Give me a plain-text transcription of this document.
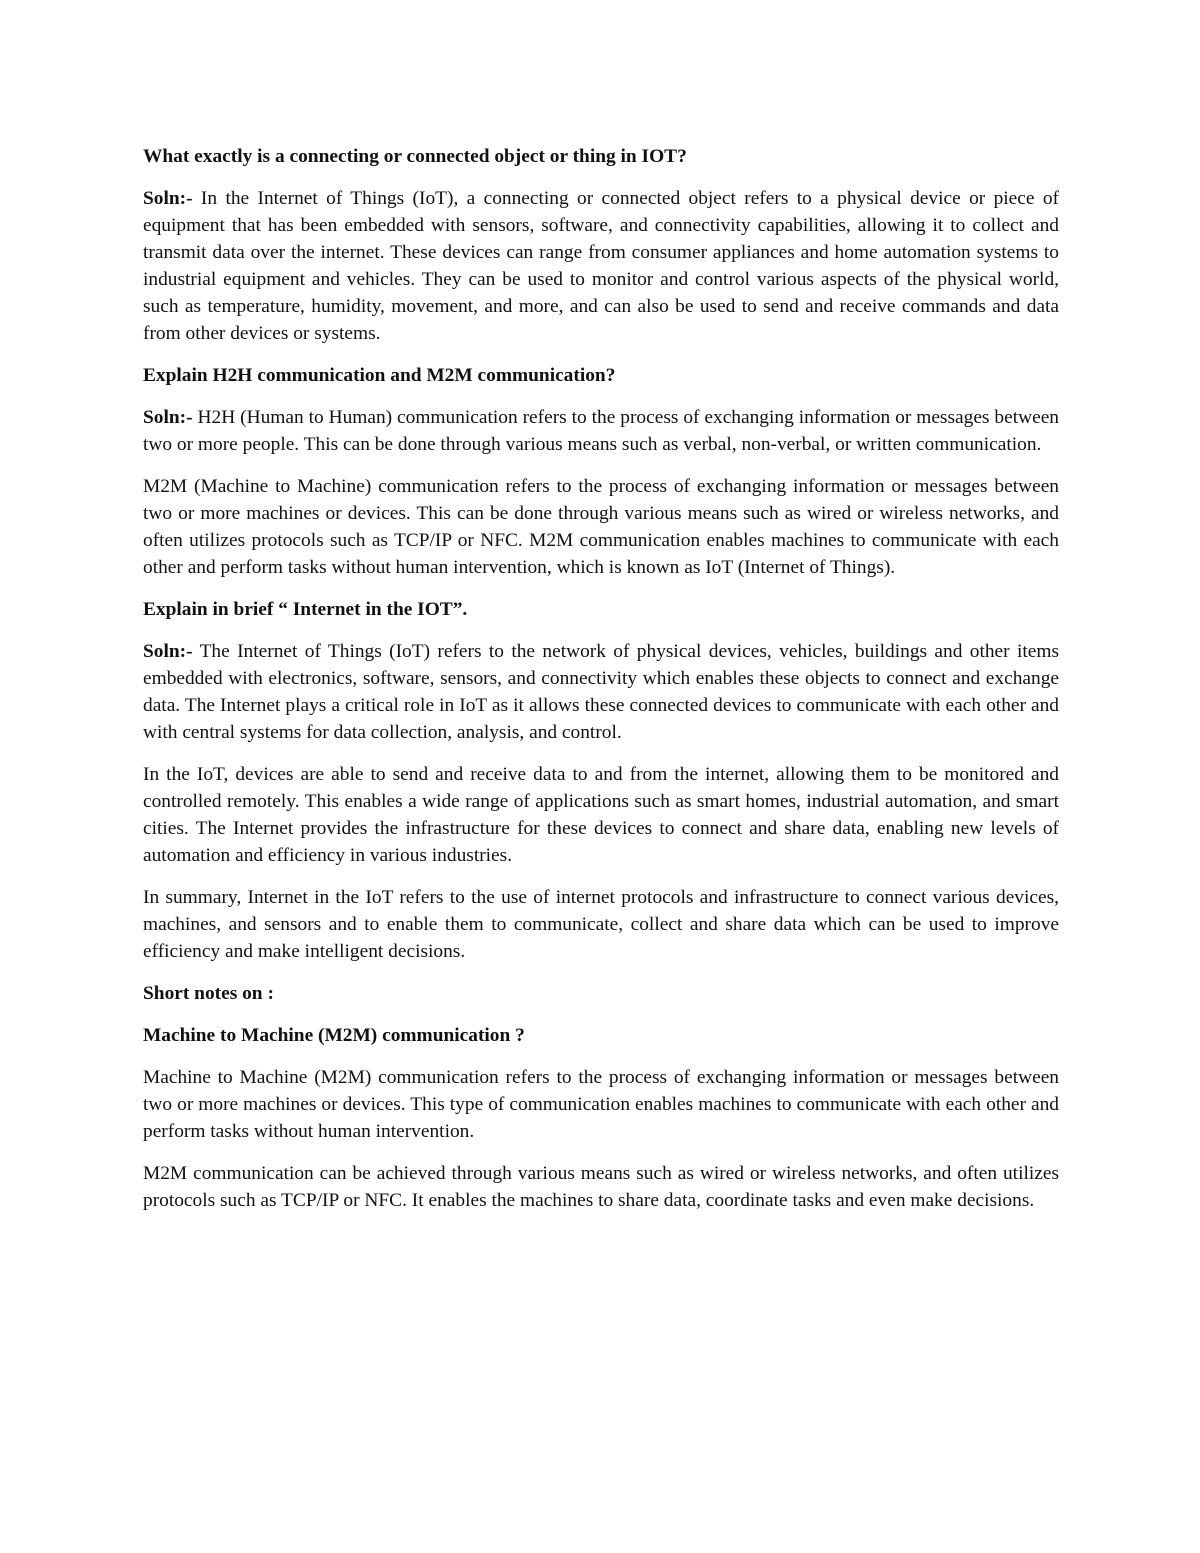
What exactly is a connecting or connected object or thing in IOT?
Soln:- In the Internet of Things (IoT), a connecting or connected object refers to a physical device or piece of equipment that has been embedded with sensors, software, and connectivity capabilities, allowing it to collect and transmit data over the internet. These devices can range from consumer appliances and home automation systems to industrial equipment and vehicles. They can be used to monitor and control various aspects of the physical world, such as temperature, humidity, movement, and more, and can also be used to send and receive commands and data from other devices or systems.
Explain H2H communication and M2M communication?
Soln:- H2H (Human to Human) communication refers to the process of exchanging information or messages between two or more people. This can be done through various means such as verbal, non-verbal, or written communication.
M2M (Machine to Machine) communication refers to the process of exchanging information or messages between two or more machines or devices. This can be done through various means such as wired or wireless networks, and often utilizes protocols such as TCP/IP or NFC. M2M communication enables machines to communicate with each other and perform tasks without human intervention, which is known as IoT (Internet of Things).
Explain in brief “ Internet in the IOT”.
Soln:- The Internet of Things (IoT) refers to the network of physical devices, vehicles, buildings and other items embedded with electronics, software, sensors, and connectivity which enables these objects to connect and exchange data. The Internet plays a critical role in IoT as it allows these connected devices to communicate with each other and with central systems for data collection, analysis, and control.
In the IoT, devices are able to send and receive data to and from the internet, allowing them to be monitored and controlled remotely. This enables a wide range of applications such as smart homes, industrial automation, and smart cities. The Internet provides the infrastructure for these devices to connect and share data, enabling new levels of automation and efficiency in various industries.
In summary, Internet in the IoT refers to the use of internet protocols and infrastructure to connect various devices, machines, and sensors and to enable them to communicate, collect and share data which can be used to improve efficiency and make intelligent decisions.
Short notes on :
Machine to Machine (M2M) communication ?
Machine to Machine (M2M) communication refers to the process of exchanging information or messages between two or more machines or devices. This type of communication enables machines to communicate with each other and perform tasks without human intervention.
M2M communication can be achieved through various means such as wired or wireless networks, and often utilizes protocols such as TCP/IP or NFC. It enables the machines to share data, coordinate tasks and even make decisions.
